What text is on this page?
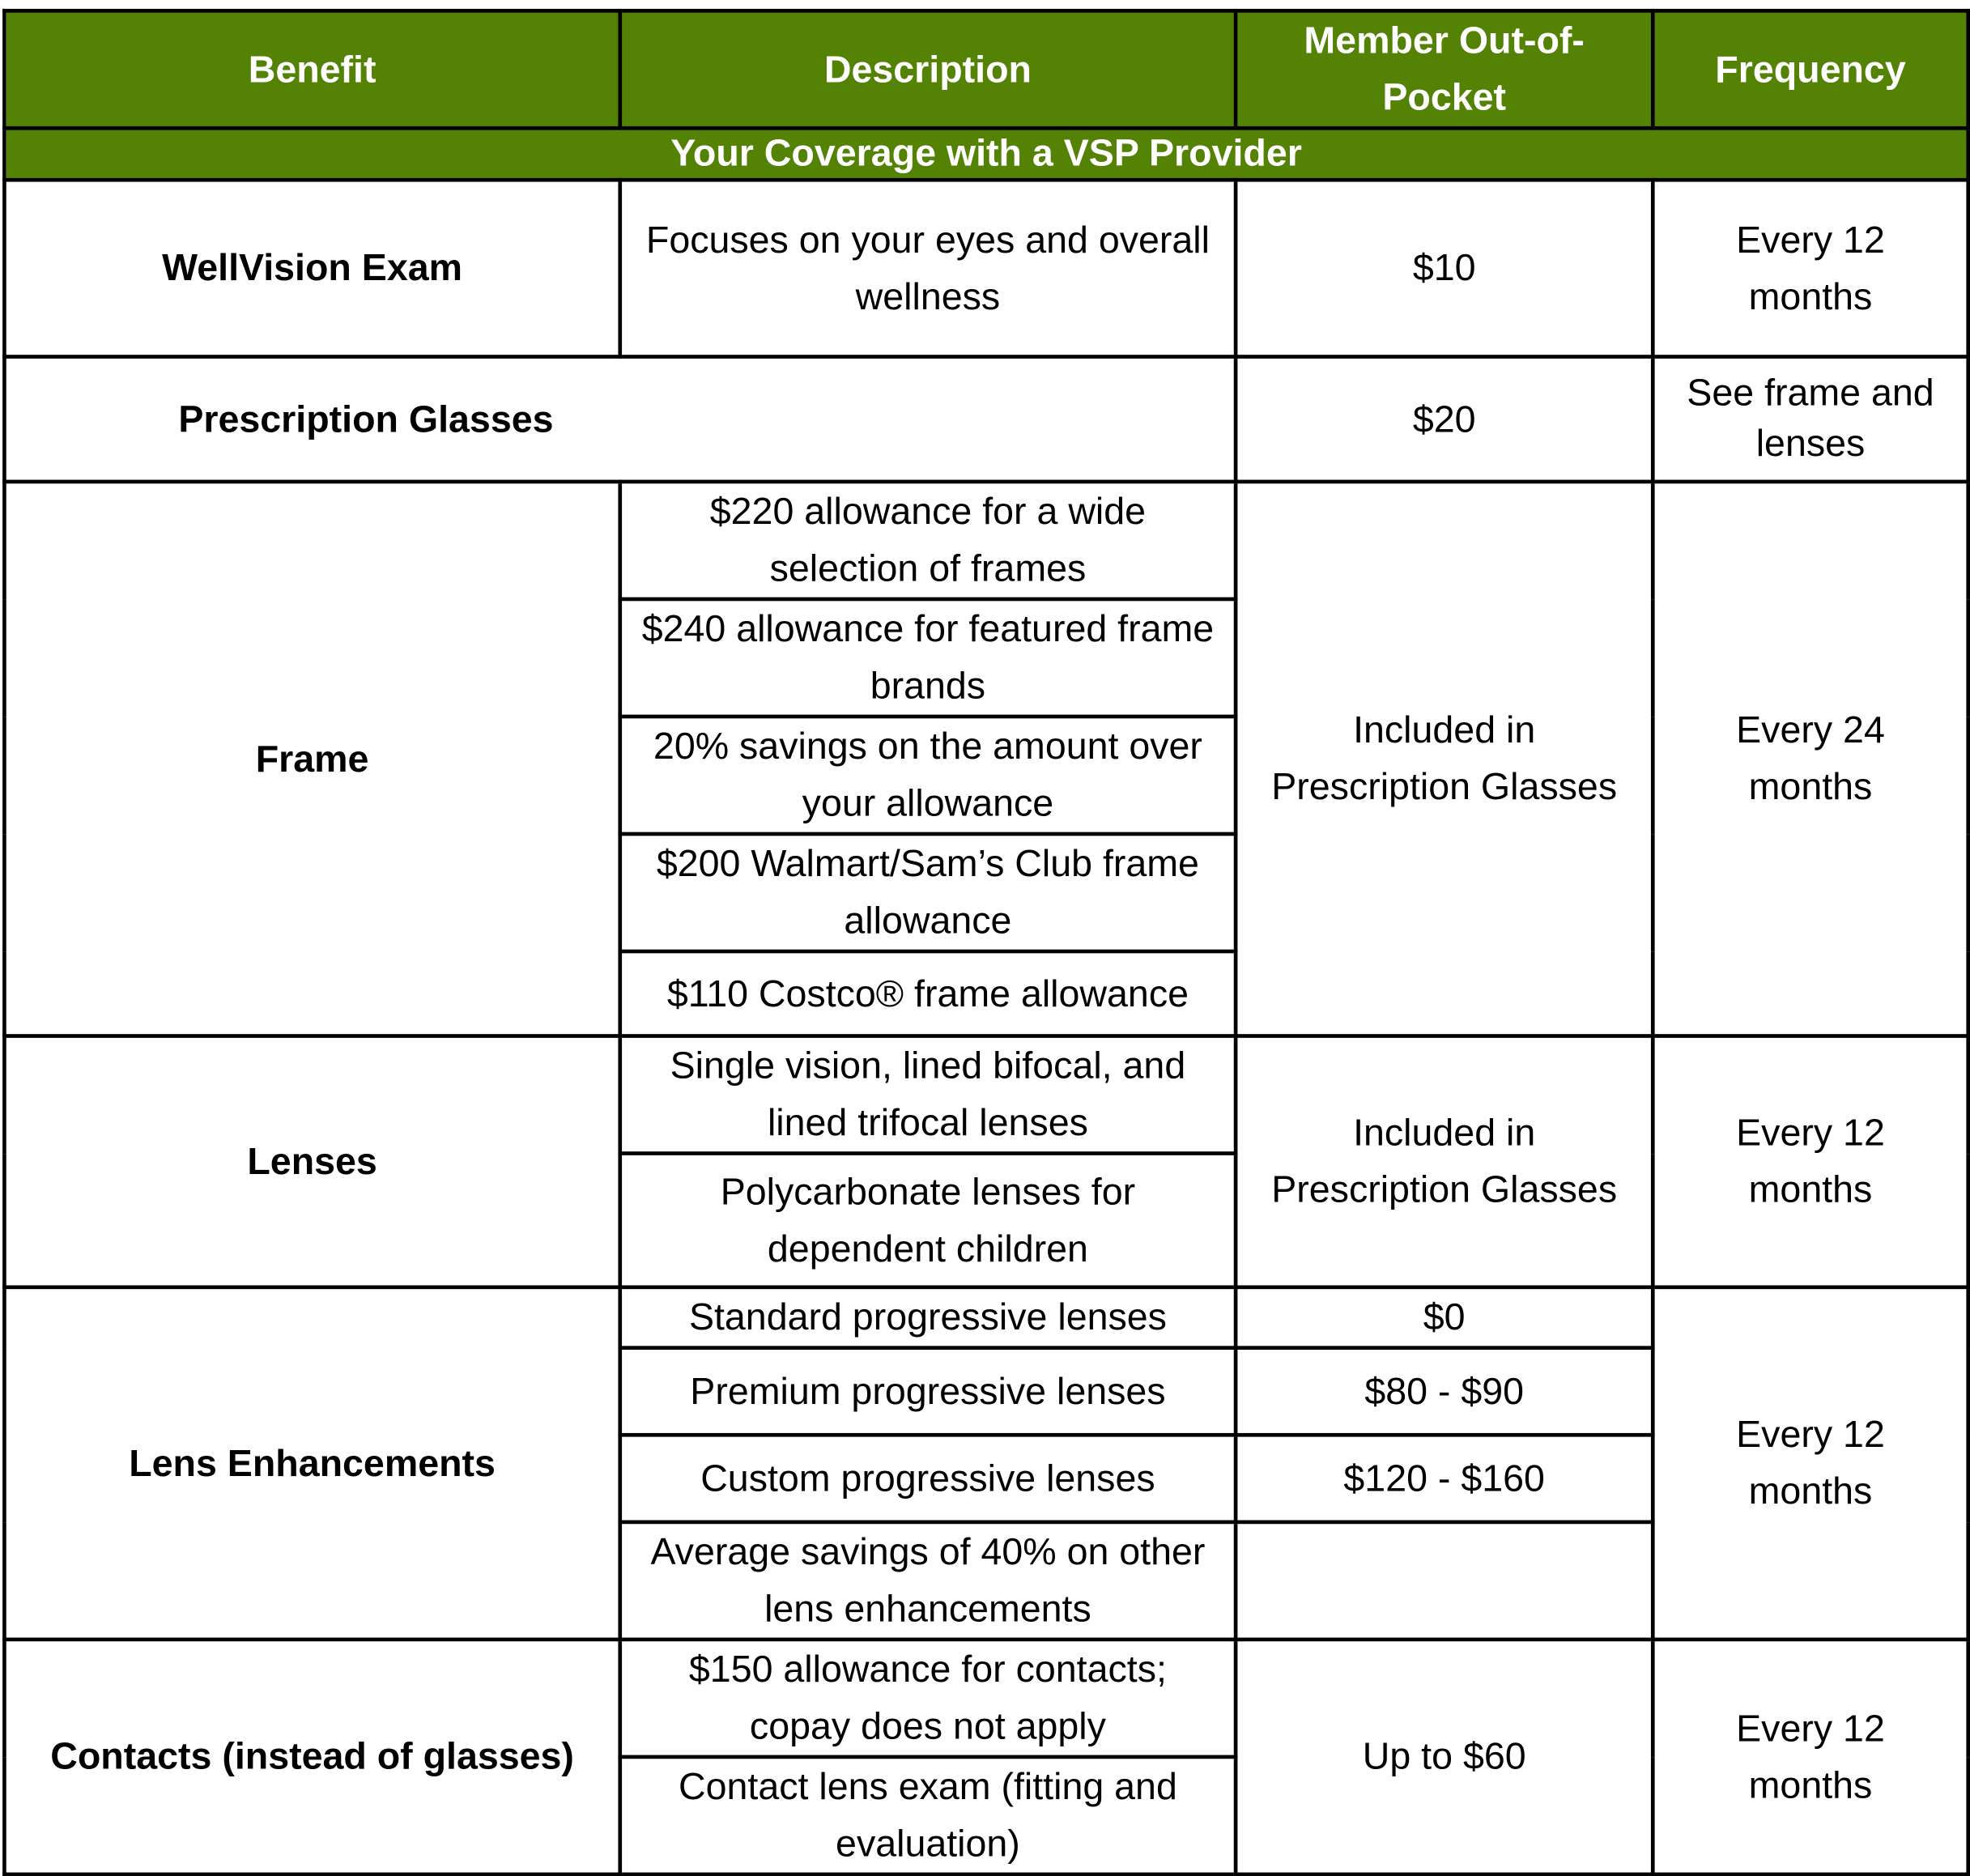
Benefit	Description	Member Out-of-Pocket	Frequency
Your Coverage with a VSP Provider			
WellVision Exam	Focuses on your eyes and overall wellness	$10	Every 12 months
Prescription Glasses		$20	See frame and lenses
Frame	$220 allowance for a wide selection of frames	Included in Prescription Glasses	Every 24 months
	$240 allowance for featured frame brands		
	20% savings on the amount over your allowance		
	$200 Walmart/Sam’s Club frame allowance		
	$110 Costco® frame allowance		
Lenses	Single vision, lined bifocal, and lined trifocal lenses	Included in Prescription Glasses	Every 12 months
	Polycarbonate lenses for dependent children		
Lens Enhancements	Standard progressive lenses	$0	Every 12 months
	Premium progressive lenses	$80 - $90	
	Custom progressive lenses	$120 - $160	
	Average savings of 40% on other lens enhancements		
Contacts (instead of glasses)	$150 allowance for contacts; copay does not apply	Up to $60	Every 12 months
	Contact lens exam (fitting and evaluation)		
